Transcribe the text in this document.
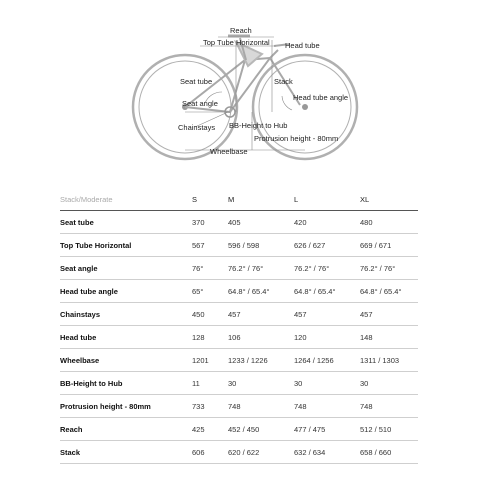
Reach
Top Tube Horizontal Head tube
Seat tube	Stack
Seat angle
Head tube angle
Chainstays BB-Height to Hub
Protrusion height - 80mm
Wheelbase
Stack/Moderate	S	M	L	XL
Seat tube	370	405	420	480
Top Tube Horizontal	567	596 / 598	626 / 627	669 / 671
Seat angle	76°	76.2° / 76°	76.2° / 76°	76.2° / 76°
Head tube angle	65°	64.8° / 65.4°	64.8° / 65.4°	64.8° / 65.4°
Chainstays	450	457	457	457
Head tube	128	106	120	148
Wheelbase	1201	1233 / 1226	1264 / 1256	1311 / 1303
BB-Height to Hub	11	30	30	30
Protrusion height - 80mm	733	748	748	748
Reach	425	452 / 450	477 / 475	512 / 510
Stack	606	620 / 622	632 / 634	658 / 660
